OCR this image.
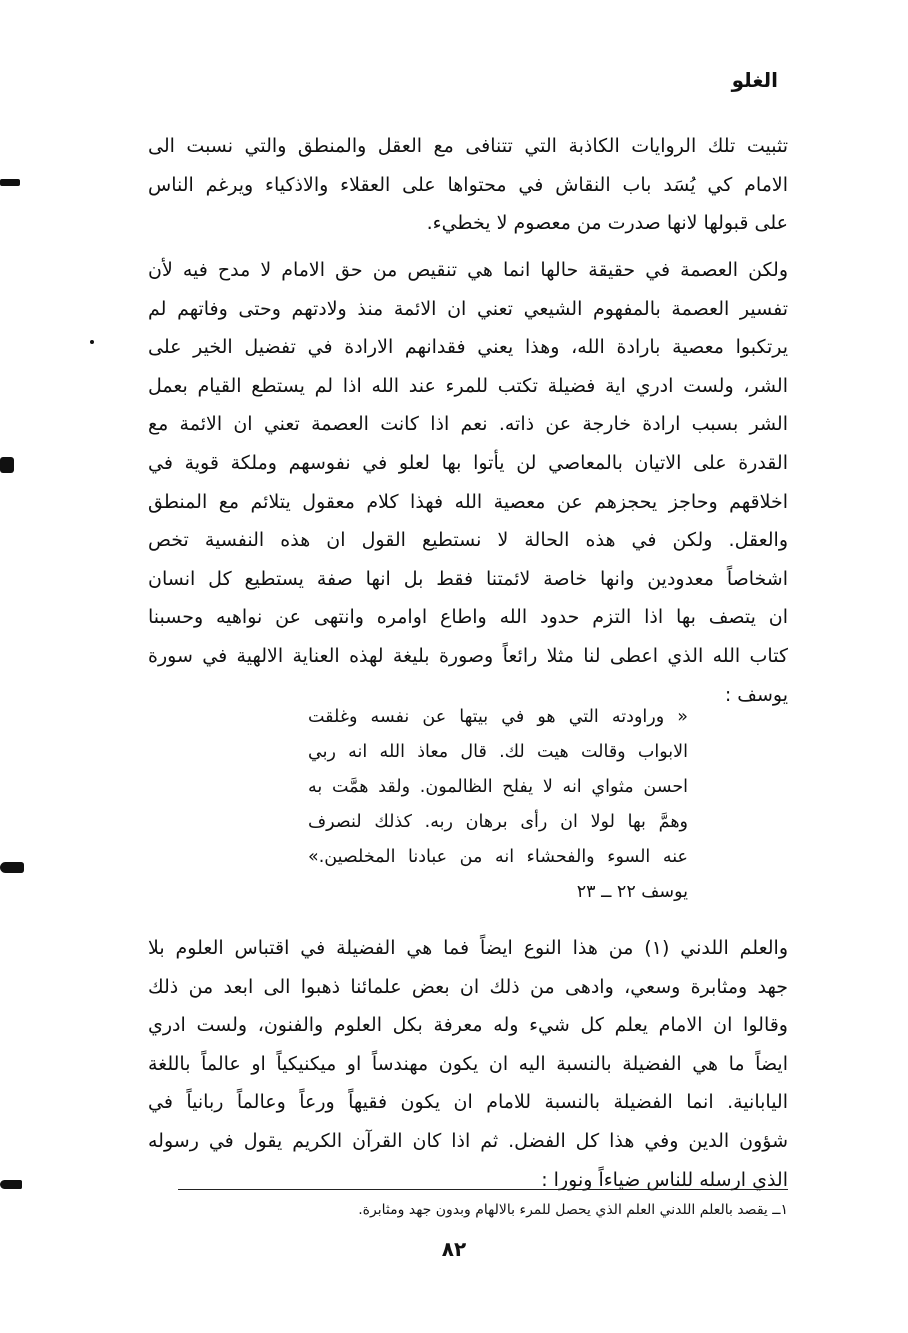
الغلو
تثبيت تلك الروايات الكاذبة التي تتنافى مع العقل والمنطق والتي نسبت الى
الامام كي يُسَد باب النقاش في محتواها على العقلاء والاذكياء ويرغم الناس
على قبولها لانها صدرت من معصوم لا يخطيء.
ولكن العصمة في حقيقة حالها انما هي تنقيص من حق الامام لا مدح فيه لأن
تفسير العصمة بالمفهوم الشيعي تعني ان الائمة منذ ولادتهم وحتى وفاتهم لم
يرتكبوا معصية بارادة الله، وهذا يعني فقدانهم الارادة في تفضيل الخير على
الشر، ولست ادري اية فضيلة تكتب للمرء عند الله اذا لم يستطع القيام بعمل
الشر بسبب ارادة خارجة عن ذاته. نعم اذا كانت العصمة تعني ان الائمة مع
القدرة على الاتيان بالمعاصي لن يأتوا بها لعلو في نفوسهم وملكة قوية في
اخلاقهم وحاجز يحجزهم عن معصية الله فهذا كلام معقول يتلائم مع المنطق
والعقل. ولكن في هذه الحالة لا نستطيع القول ان هذه النفسية تخص
اشخاصاً معدودين وانها خاصة لائمتنا فقط بل انها صفة يستطيع كل انسان
ان يتصف بها اذا التزم حدود الله واطاع اوامره وانتهى عن نواهيه وحسبنا
كتاب الله الذي اعطى لنا مثلا رائعاً وصورة بليغة لهذه العناية الالهية في سورة
يوسف :
« وراودته التي هو في بيتها عن نفسه وغلقت
الابواب وقالت هيت لك. قال معاذ الله انه ربي
احسن مثواي انه لا يفلح الظالمون. ولقد همَّت به
وهمَّ بها لولا ان رأى برهان ربه. كذلك لنصرف
عنه السوء والفحشاء انه من عبادنا المخلصين.»
يوسف ٢٢ ــ ٢٣
والعلم اللدني (١) من هذا النوع ايضاً فما هي الفضيلة في اقتباس العلوم بلا
جهد ومثابرة وسعي، وادهى من ذلك ان بعض علمائنا ذهبوا الى ابعد من ذلك
وقالوا ان الامام يعلم كل شيء وله معرفة بكل العلوم والفنون، ولست ادري
ايضاً ما هي الفضيلة بالنسبة اليه ان يكون مهندساً او ميكنيكياً او عالماً باللغة
اليابانية. انما الفضيلة بالنسبة للامام ان يكون فقيهاً ورعاً وعالماً ربانياً في
شؤون الدين وفي هذا كل الفضل. ثم اذا كان القرآن الكريم يقول في رسوله
الذي ارسله للناس ضياءاً ونورا :
١ــ يقصد بالعلم اللدني العلم الذي يحصل للمرء بالالهام وبدون جهد ومثابرة.
٨٢
